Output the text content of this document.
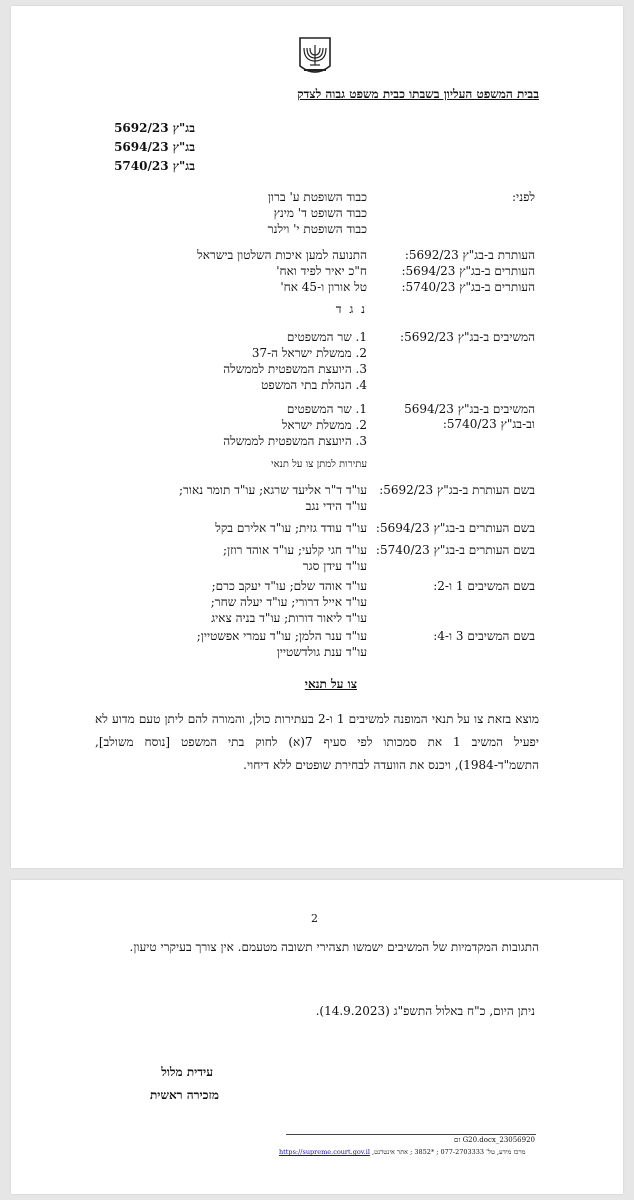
בבית המשפט העליון בשבתו כבית משפט גבוה לצדק
בג"ץ 5692/23
בג"ץ 5694/23
בג"ץ 5740/23
לפני:
כבוד השופטת ע' ברון
כבוד השופט ד' מינץ
כבוד השופטת י' וילנר
העותרת ב-בג"ץ 5692/23:
התנועה למען איכות השלטון בישראל
העותרים ב-בג"ץ 5694/23:
ח"כ יאיר לפיד ואח'
העותרים ב-בג"ץ 5740/23:
טל אורון ו-45 אח'
נ ג ד
המשיבים ב-בג"ץ 5692/23:
1. שר המשפטים
2. ממשלת ישראל ה-37
3. היועצת המשפטית לממשלה
4. הנהלת בתי המשפט
המשיבים ב-בג"ץ 5694/23
וב-בג"ץ 5740/23:
1. שר המשפטים
2. ממשלת ישראל
3. היועצת המשפטית לממשלה
עתירות למתן צו על תנאי
בשם העותרת ב-בג"ץ 5692/23:
עו"ד ד"ר אליעד שרגא; עו"ד תומר נאור;
עו"ד הידי נגב
בשם העותרים ב-בג"ץ 5694/23:
עו"ד עודד גזית; עו"ד אלירם בקל
בשם העותרים ב-בג"ץ 5740/23:
עו"ד חגי קלעי; עו"ד אוהד רוזן;
עו"ד עידן סגר
בשם המשיבים 1 ו-2:
עו"ד אוהד שלם; עו"ד יעקב כרם;
עו"ד אייל דרורי; עו"ד יעלה שחר;
עו"ד ליאור דורות; עו"ד בניה צאיג
בשם המשיבים 3 ו-4:
עו"ד ענר הלמן; עו"ד עמרי אפשטיין;
עו"ד ענת גולדשטיין
צו על תנאי
מוצא בזאת צו על תנאי המופנה למשיבים 1 ו-2 בעתירות כולן, והמורה להם ליתן טעם מדוע לא יפעיל המשיב 1 את סמכותו לפי סעיף 7(א) לחוק בתי המשפט [נוסח משולב], התשמ"ד-1984), ויכנס את הוועדה לבחירת שופטים ללא דיחוי.
2
התגובות המקדמיות של המשיבים ישמשו תצהירי תשובה מטעמם. אין צורך בעיקרי טיעון.
ניתן היום, כ"ח באלול התשפ"ג (14.9.2023).
עידית מלול
מזכירה ראשית
23056920_G20.docx זם
מרכז מידע, טל' 077-2703333 ; *3852 ; אתר אינטרנט, https://supreme.court.gov.il
